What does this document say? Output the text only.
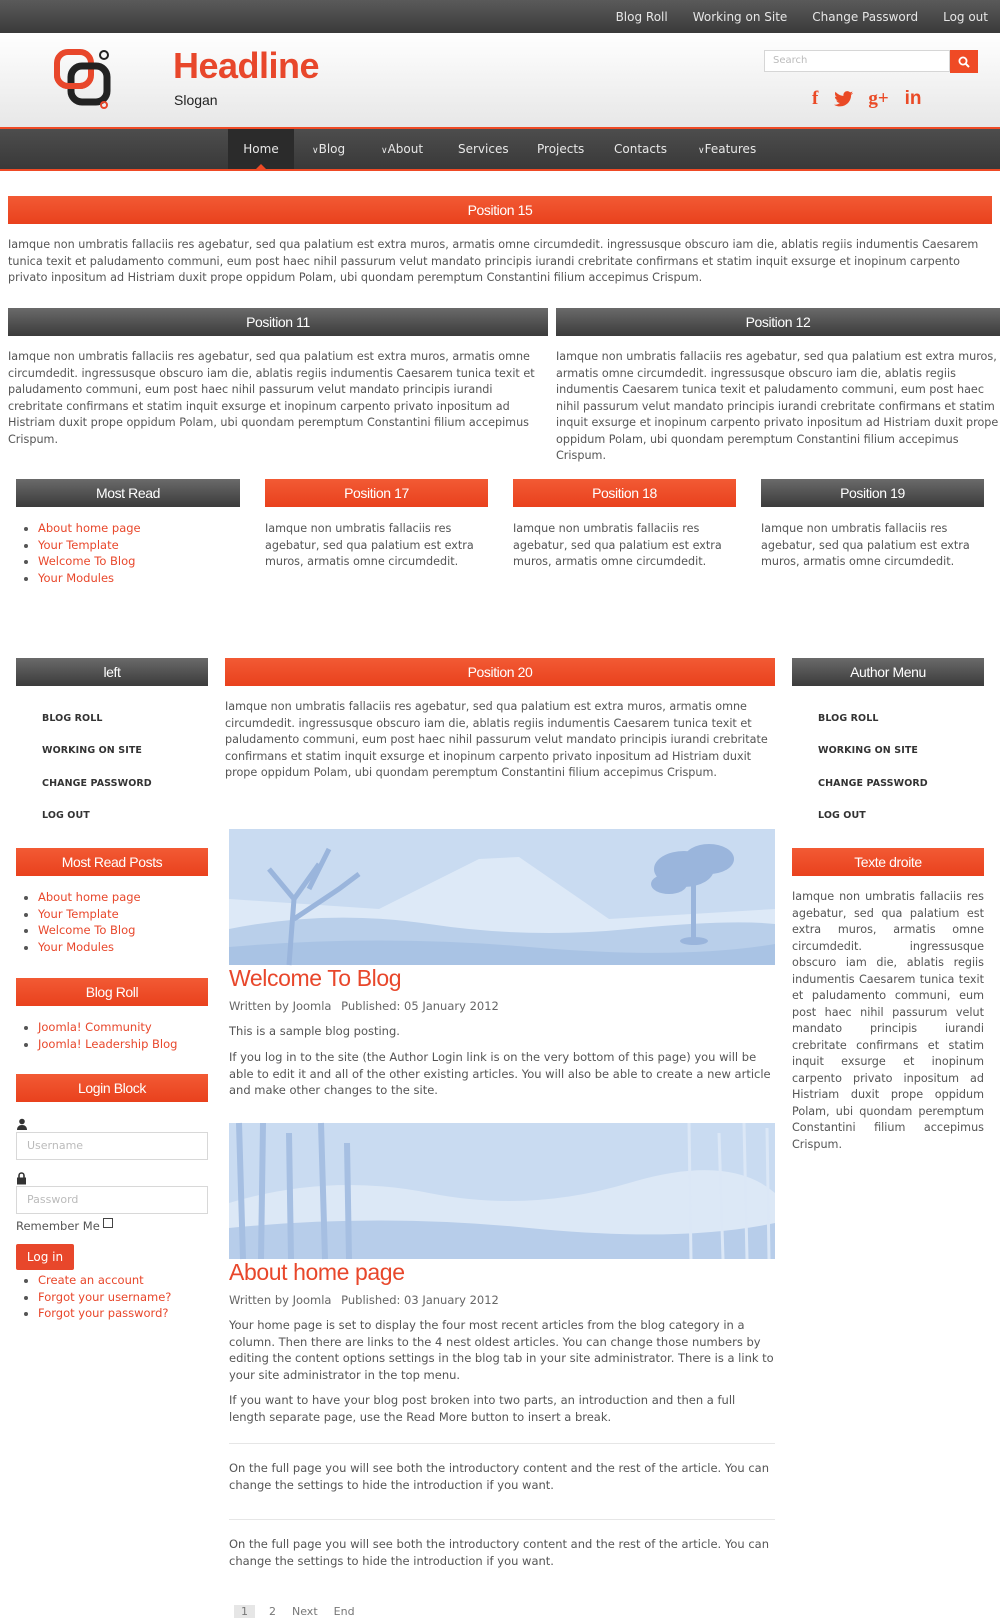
Blog Roll Working on Site Change Password Log out
Headline
Slogan
Search
f	g+ in
Home	∨Blog	∨About	Services Projects Contacts	∨Features
Position 15
Iamque non umbratis fallaciis res agebatur, sed qua palatium est extra muros, armatis omne circumdedit. ingressusque obscuro iam die, ablatis regiis indumentis Caesarem tunica texit et paludamento communi, eum post haec nihil passurum velut mandato principis iurandi crebritate confirmans et statim inquit exsurge et inopinum carpento privato inpositum ad Histriam duxit prope oppidum Polam, ubi quondam peremptum Constantini filium accepimus Crispum.
Position 11
Iamque non umbratis fallaciis res agebatur, sed qua palatium est extra muros, armatis omne circumdedit. ingressusque obscuro iam die, ablatis regiis indumentis Caesarem tunica texit et paludamento communi, eum post haec nihil passurum velut mandato principis iurandi crebritate confirmans et statim inquit exsurge et inopinum carpento privato inpositum ad Histriam duxit prope oppidum Polam, ubi quondam peremptum Constantini filium accepimus Crispum.
Position 12
Iamque non umbratis fallaciis res agebatur, sed qua palatium est extra muros, armatis omne circumdedit. ingressusque obscuro iam die, ablatis regiis indumentis Caesarem tunica texit et paludamento communi, eum post haec nihil passurum velut mandato principis iurandi crebritate confirmans et statim inquit exsurge et inopinum carpento privato inpositum ad Histriam duxit prope oppidum Polam, ubi quondam peremptum Constantini filium accepimus Crispum.
Most Read
• About home page
• Your Template
• Welcome To Blog
• Your Modules
Position 17
Iamque non umbratis fallaciis res agebatur, sed qua palatium est extra muros, armatis omne circumdedit.
Position 18
Iamque non umbratis fallaciis res agebatur, sed qua palatium est extra muros, armatis omne circumdedit.
Position 19
Iamque non umbratis fallaciis res agebatur, sed qua palatium est extra muros, armatis omne circumdedit.
left
BLOG ROLL
WORKING ON SITE
CHANGE PASSWORD
LOG OUT
Most Read Posts
• About home page
• Your Template
• Welcome To Blog
• Your Modules
Blog Roll
• Joomla! Community
• Joomla! Leadership Blog
Login Block
Username
Password
Remember Me
Log in
• Create an account
• Forgot your username?
• Forgot your password?
Position 20
Iamque non umbratis fallaciis res agebatur, sed qua palatium est extra muros, armatis omne circumdedit. ingressusque obscuro iam die, ablatis regiis indumentis Caesarem tunica texit et paludamento communi, eum post haec nihil passurum velut mandato principis iurandi crebritate confirmans et statim inquit exsurge et inopinum carpento privato inpositum ad Histriam duxit prope oppidum Polam, ubi quondam peremptum Constantini filium accepimus Crispum.
Welcome To Blog
Written by Joomla Published: 05 January 2012
This is a sample blog posting.
If you log in to the site (the Author Login link is on the very bottom of this page) you will be able to edit it and all of the other existing articles. You will also be able to create a new article and make other changes to the site.
About home page
Written by Joomla Published: 03 January 2012
Your home page is set to display the four most recent articles from the blog category in a column. Then there are links to the 4 nest oldest articles. You can change those numbers by editing the content options settings in the blog tab in your site administrator. There is a link to your site administrator in the top menu.
If you want to have your blog post broken into two parts, an introduction and then a full length separate page, use the Read More button to insert a break.
On the full page you will see both the introductory content and the rest of the article. You can change the settings to hide the introduction if you want.
On the full page you will see both the introductory content and the rest of the article. You can change the settings to hide the introduction if you want.
1	2 Next End
Author Menu
BLOG ROLL
WORKING ON SITE
CHANGE PASSWORD
LOG OUT
Texte droite
Iamque non umbratis fallaciis res agebatur, sed qua palatium est extra muros, armatis omne circumdedit. ingressusque obscuro iam die, ablatis regiis indumentis Caesarem tunica texit et paludamento communi, eum post haec nihil passurum velut mandato principis iurandi crebritate confirmans et statim inquit exsurge et inopinum carpento privato inpositum ad Histriam duxit prope oppidum Polam, ubi quondam peremptum Constantini filium accepimus Crispum.
